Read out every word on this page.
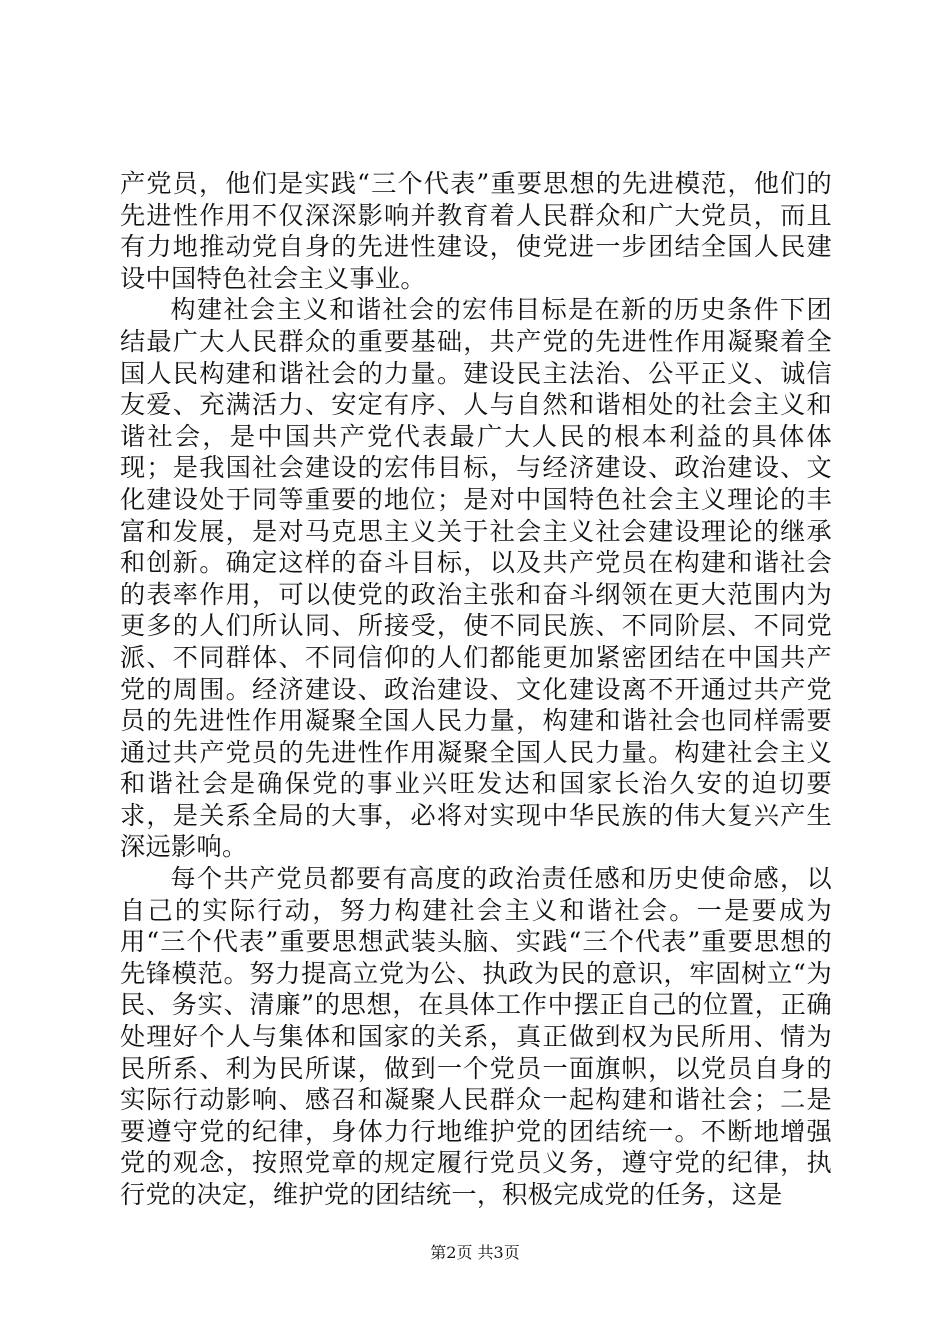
产党员，他们是实践“三个代表”重要思想的先进模范，他们的先进性作用不仅深深影响并教育着人民群众和广大党员，而且有力地推动党自身的先进性建设，使党进一步团结全国人民建设中国特色社会主义事业。

构建社会主义和谐社会的宏伟目标是在新的历史条件下团结最广大人民群众的重要基础，共产党的先进性作用凝聚着全国人民构建和谐社会的力量。建设民主法治、公平正义、诚信友爱、充满活力、安定有序、人与自然和谐相处的社会主义和谐社会，是中国共产党代表最广大人民的根本利益的具体体现；是我国社会建设的宏伟目标，与经济建设、政治建设、文化建设处于同等重要的地位；是对中国特色社会主义理论的丰富和发展，是对马克思主义关于社会主义社会建设理论的继承和创新。确定这样的奋斗目标，以及共产党员在构建和谐社会的表率作用，可以使党的政治主张和奋斗纲领在更大范围内为更多的人们所认同、所接受，使不同民族、不同阶层、不同党派、不同群体、不同信仰的人们都能更加紧密团结在中国共产党的周围。经济建设、政治建设、文化建设离不开通过共产党员的先进性作用凝聚全国人民力量，构建和谐社会也同样需要通过共产党员的先进性作用凝聚全国人民力量。构建社会主义和谐社会是确保党的事业兴旺发达和国家长治久安的迫切要求，是关系全局的大事，必将对实现中华民族的伟大复兴产生深远影响。

每个共产党员都要有高度的政治责任感和历史使命感，以自己的实际行动，努力构建社会主义和谐社会。一是要成为用“三个代表”重要思想武装头脑、实践“三个代表”重要思想的先锋模范。努力提高立党为公、执政为民的意识，牢固树立“为民、务实、清廉”的思想，在具体工作中摆正自己的位置，正确处理好个人与集体和国家的关系，真正做到权为民所用、情为民所系、利为民所谋，做到一个党员一面旗帜，以党员自身的实际行动影响、感召和凝聚人民群众一起构建和谐社会；二是要遵守党的纪律，身体力行地维护党的团结统一。不断地增强党的观念，按照党章的规定履行党员义务，遵守党的纪律，执行党的决定，维护党的团结统一，积极完成党的任务，这是

第2页 共3页
